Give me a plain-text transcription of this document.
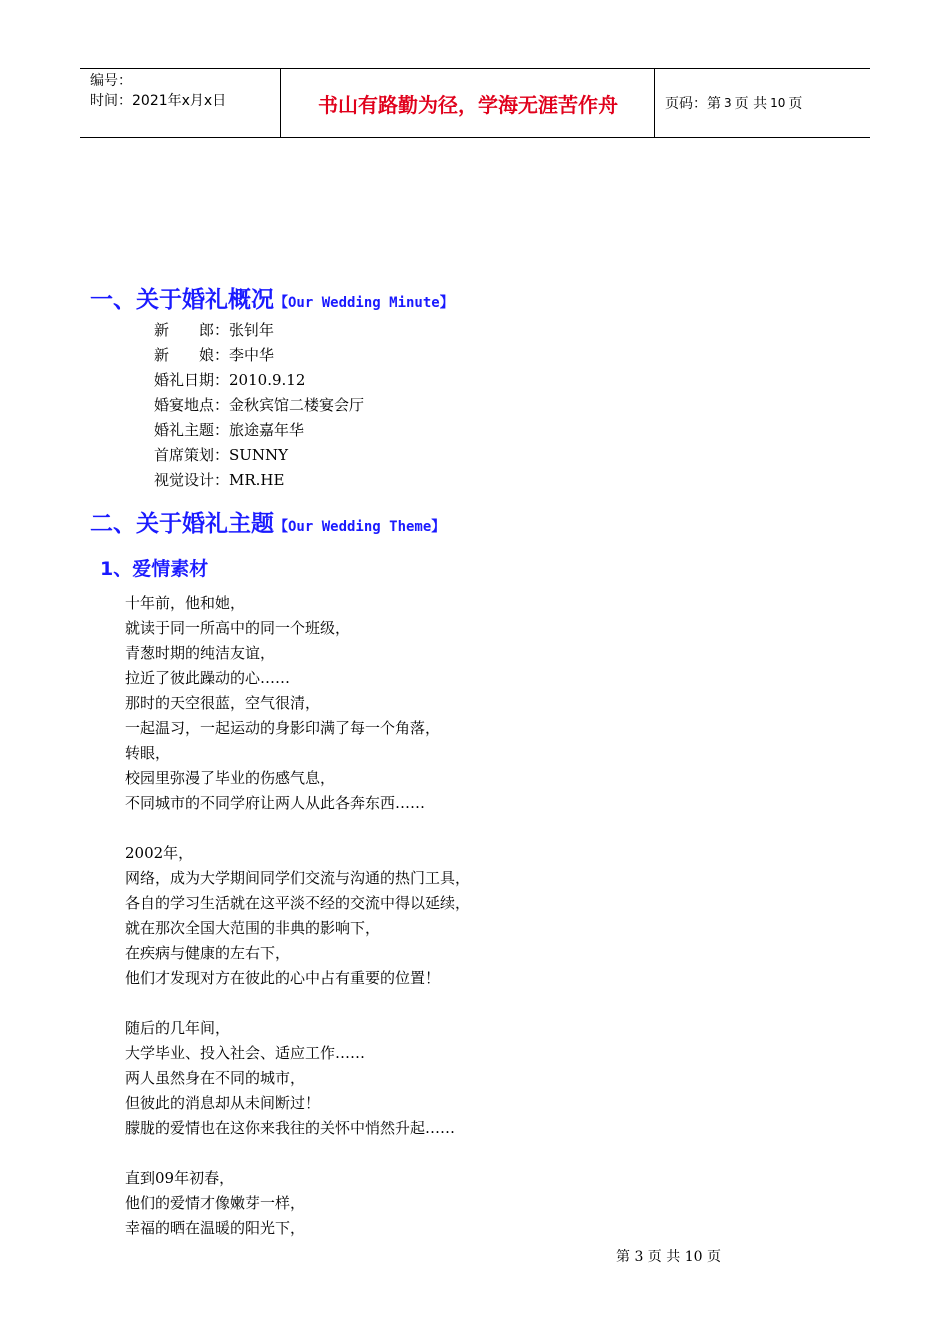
编号：
时间：2021年x月x日	书山有路勤为径，学海无涯苦作舟	页码：第 3 页 共 10 页
一、关于婚礼概况【Our Wedding Minute】
新　　郎： 张钊年
新　　娘： 李中华
婚礼日期： 2010.9.12
婚宴地点： 金秋宾馆二楼宴会厅
婚礼主题： 旅途嘉年华
首席策划： SUNNY
视觉设计： MR.HE
二、关于婚礼主题【Our Wedding Theme】
1、爱情素材
十年前，他和她，
就读于同一所高中的同一个班级，
青葱时期的纯洁友谊，
拉近了彼此躁动的心……
那时的天空很蓝，空气很清，
一起温习，一起运动的身影印满了每一个角落，
转眼，
校园里弥漫了毕业的伤感气息，
不同城市的不同学府让两人从此各奔东西……
2002年，
网络，成为大学期间同学们交流与沟通的热门工具，
各自的学习生活就在这平淡不经的交流中得以延续，
就在那次全国大范围的非典的影响下，
在疾病与健康的左右下，
他们才发现对方在彼此的心中占有重要的位置！
随后的几年间，
大学毕业、投入社会、适应工作……
两人虽然身在不同的城市，
但彼此的消息却从未间断过！
朦胧的爱情也在这你来我往的关怀中悄然升起……
直到09年初春，
他们的爱情才像嫩芽一样，
幸福的晒在温暖的阳光下，
第 3 页 共 10 页
